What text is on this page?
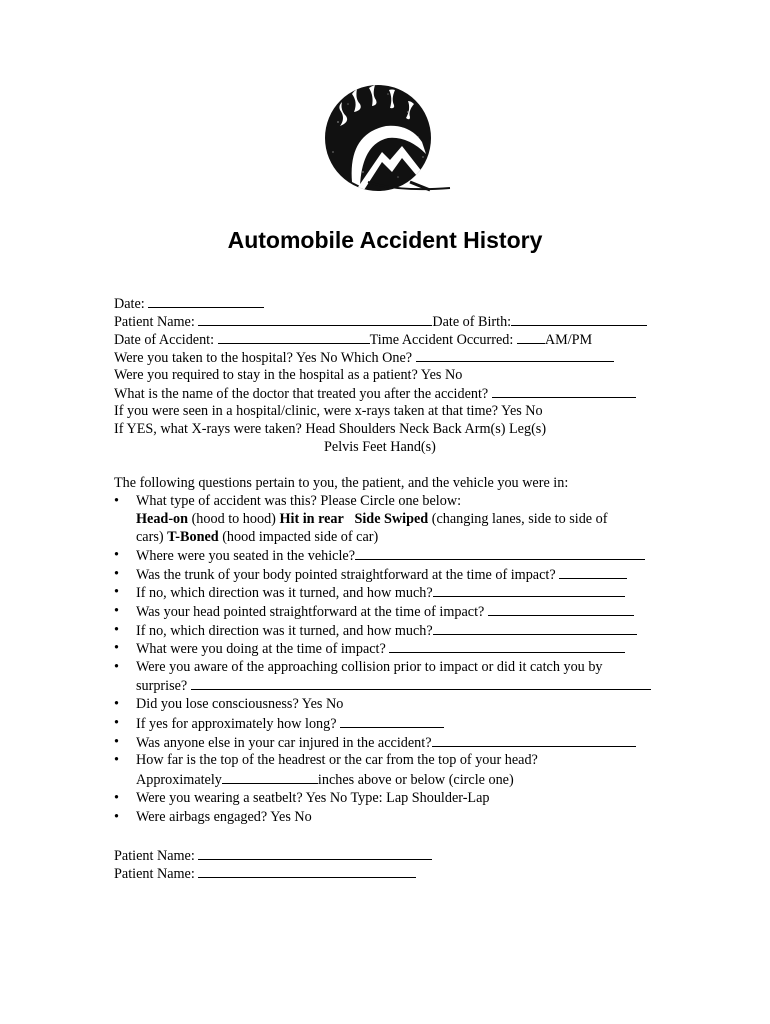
Automobile Accident History
Date:
Patient Name:	Date of Birth:
Date of Accident:	Time Accident Occurred: AM/PM
Were you taken to the hospital? Yes No Which One?
Were you required to stay in the hospital as a patient? Yes No
What is the name of the doctor that treated you after the accident?
If you were seen in a hospital/clinic, were x-rays taken at that time? Yes No
If YES, what X-rays were taken? Head Shoulders Neck Back Arm(s) Leg(s)
Pelvis Feet Hand(s)
The following questions pertain to you, the patient, and the vehicle you were in:
•	What type of accident was this? Please Circle one below:
Head-on (hood to hood) Hit in rear Side Swiped (changing lanes, side to side of
cars) T-Boned (hood impacted side of car)
•	Where were you seated in the vehicle?
•	Was the trunk of your body pointed straightforward at the time of impact?
•	If no, which direction was it turned, and how much?
•	Was your head pointed straightforward at the time of impact?
•	If no, which direction was it turned, and how much?
•	What were you doing at the time of impact?
•	Were you aware of the approaching collision prior to impact or did it catch you by
surprise?
•	Did you lose consciousness? Yes No
•	If yes for approximately how long?
•	Was anyone else in your car injured in the accident?
•	How far is the top of the headrest or the car from the top of your head?
Approximately	inches above or below (circle one)
•	Were you wearing a seatbelt? Yes No Type: Lap Shoulder-Lap
•	Were airbags engaged? Yes No
Patient Name:
Patient Name:
